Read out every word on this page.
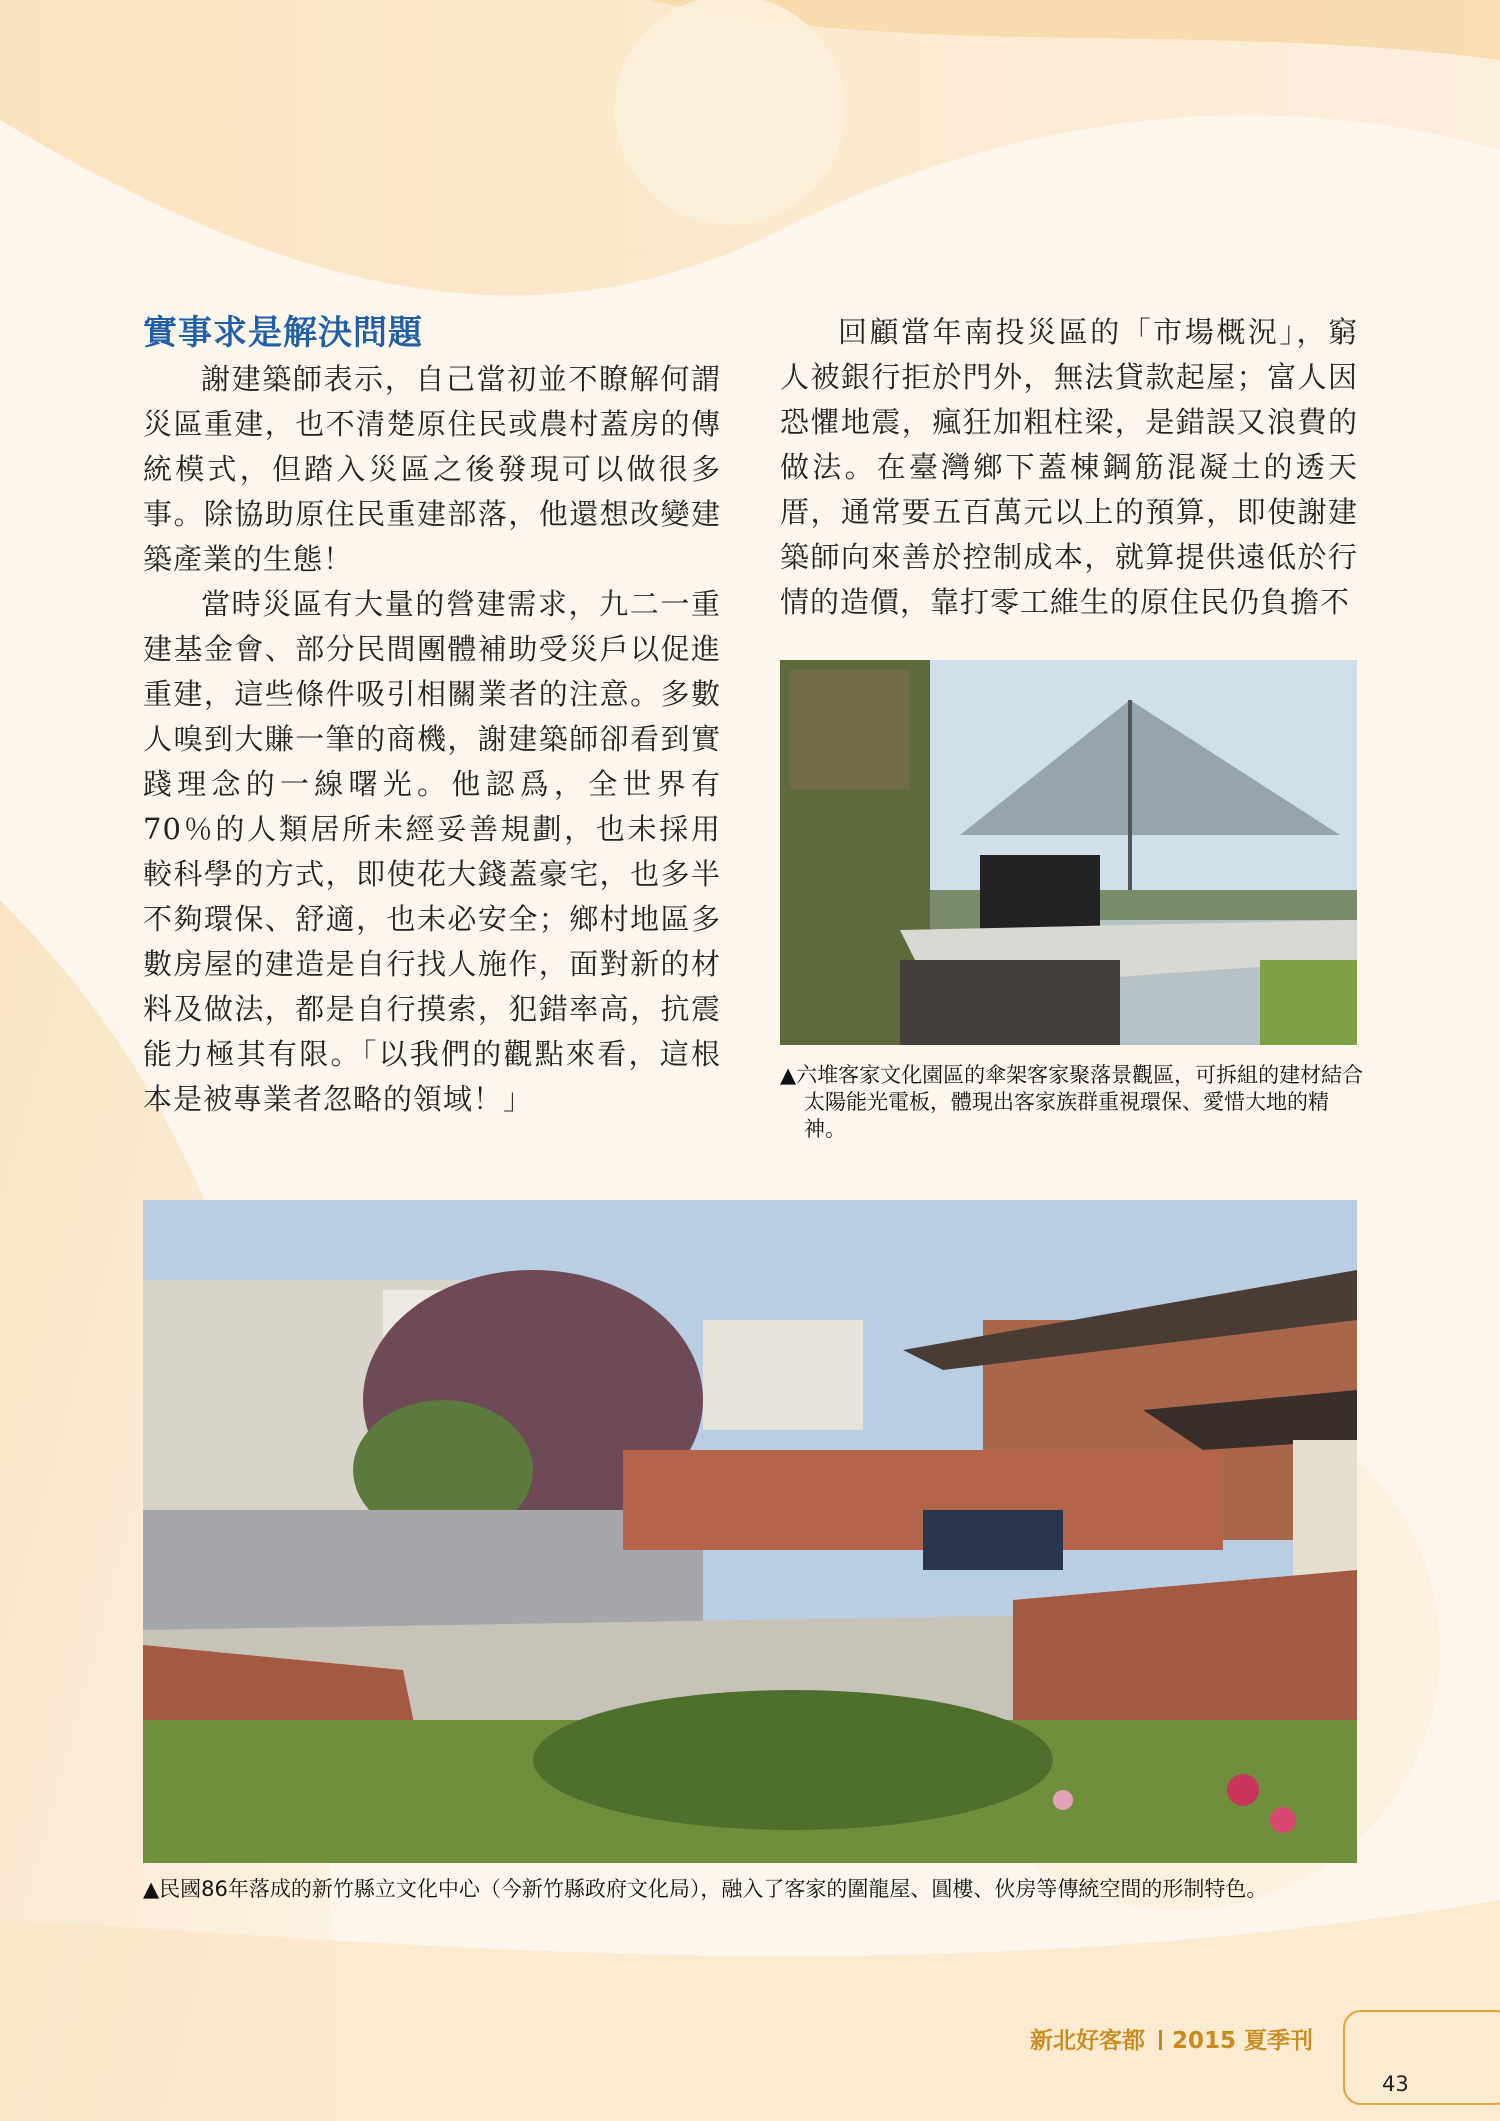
實事求是解決問題

謝建築師表示，自己當初並不瞭解何謂災區重建，也不清楚原住民或農村蓋房的傳統模式，但踏入災區之後發現可以做很多事。除協助原住民重建部落，他還想改變建築產業的生態！

當時災區有大量的營建需求，九二一重建基金會、部分民間團體補助受災戶以促進重建，這些條件吸引相關業者的注意。多數人嗅到大賺一筆的商機，謝建築師卻看到實踐理念的一線曙光。他認爲，全世界有70％的人類居所未經妥善規劃，也未採用較科學的方式，即使花大錢蓋豪宅，也多半不夠環保、舒適，也未必安全；鄉村地區多數房屋的建造是自行找人施作，面對新的材料及做法，都是自行摸索，犯錯率高，抗震能力極其有限。「以我們的觀點來看，這根本是被專業者忽略的領域！」

回顧當年南投災區的「市場概況」，窮人被銀行拒於門外，無法貸款起屋；富人因恐懼地震，瘋狂加粗柱梁，是錯誤又浪費的做法。在臺灣鄉下蓋棟鋼筋混凝土的透天厝，通常要五百萬元以上的預算，即使謝建築師向來善於控制成本，就算提供遠低於行情的造價，靠打零工維生的原住民仍負擔不

▲六堆客家文化園區的傘架客家聚落景觀區，可拆組的建材結合太陽能光電板，體現出客家族群重視環保、愛惜大地的精神。
▲民國86年落成的新竹縣立文化中心（今新竹縣政府文化局），融入了客家的圍龍屋、圓樓、伙房等傳統空間的形制特色。
新北好客都 2015 夏季刊
43
